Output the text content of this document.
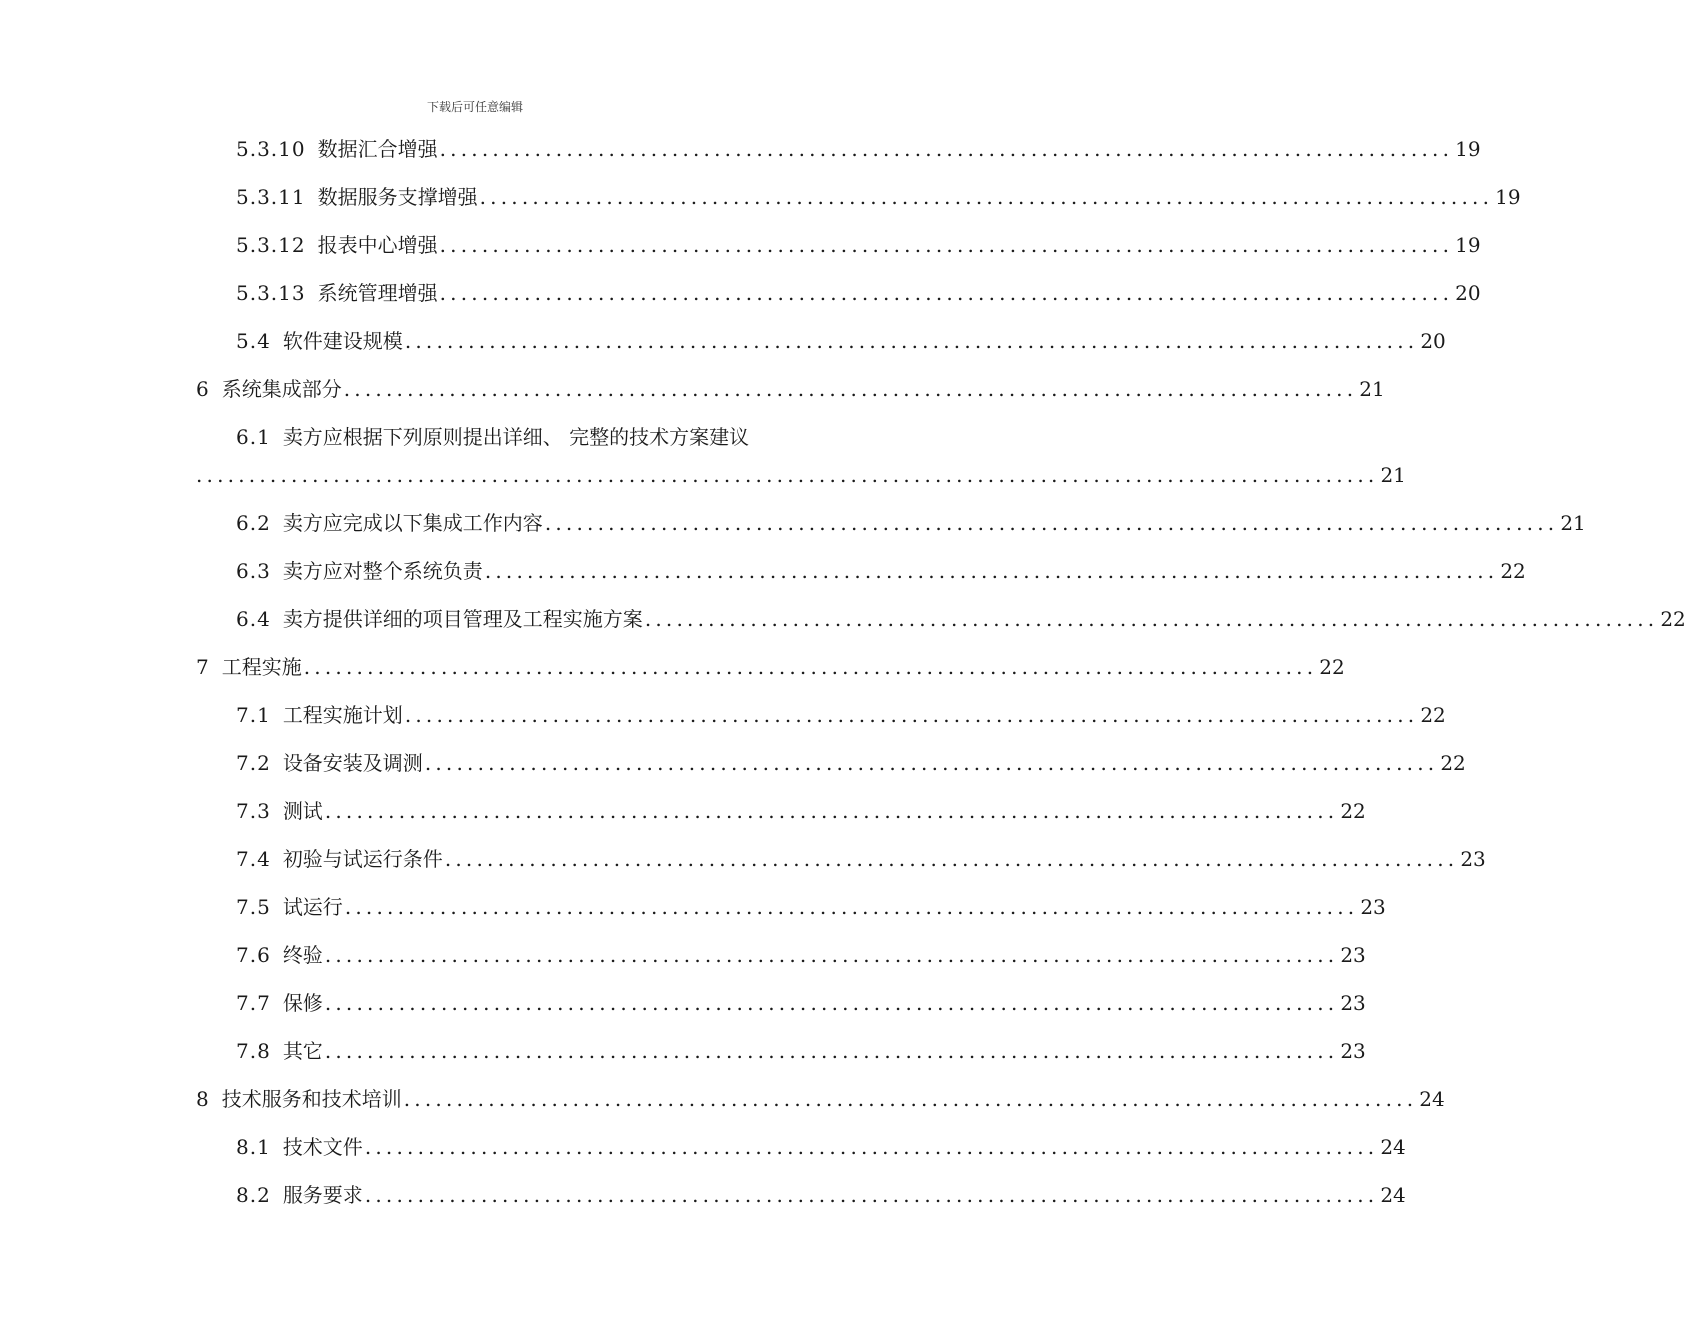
下载后可任意编辑
5.3.10 数据汇合增强 ................................................................................................ 19
5.3.11 数据服务支撑增强 ................................................................................................ 19
5.3.12 报表中心增强 ................................................................................................ 19
5.3.13 系统管理增强 ................................................................................................ 20
5.4 软件建设规模 ................................................................................................ 20
6 系统集成部分 ................................................................................................ 21
6.1 卖方应根据下列原则提出详细、 完整的技术方案建议
................................................................................................................ 21
6.2 卖方应完成以下集成工作内容 ................................................................................................ 21
6.3 卖方应对整个系统负责 ................................................................................................ 22
6.4 卖方提供详细的项目管理及工程实施方案 ................................................................................................ 22
7 工程实施 ................................................................................................ 22
7.1 工程实施计划 ................................................................................................ 22
7.2 设备安装及调测 ................................................................................................ 22
7.3 测试 ................................................................................................ 22
7.4 初验与试运行条件 ................................................................................................ 23
7.5 试运行 ................................................................................................ 23
7.6 终验 ................................................................................................ 23
7.7 保修 ................................................................................................ 23
7.8 其它 ................................................................................................ 23
8 技术服务和技术培训 ................................................................................................ 24
8.1 技术文件 ................................................................................................ 24
8.2 服务要求 ................................................................................................ 24
